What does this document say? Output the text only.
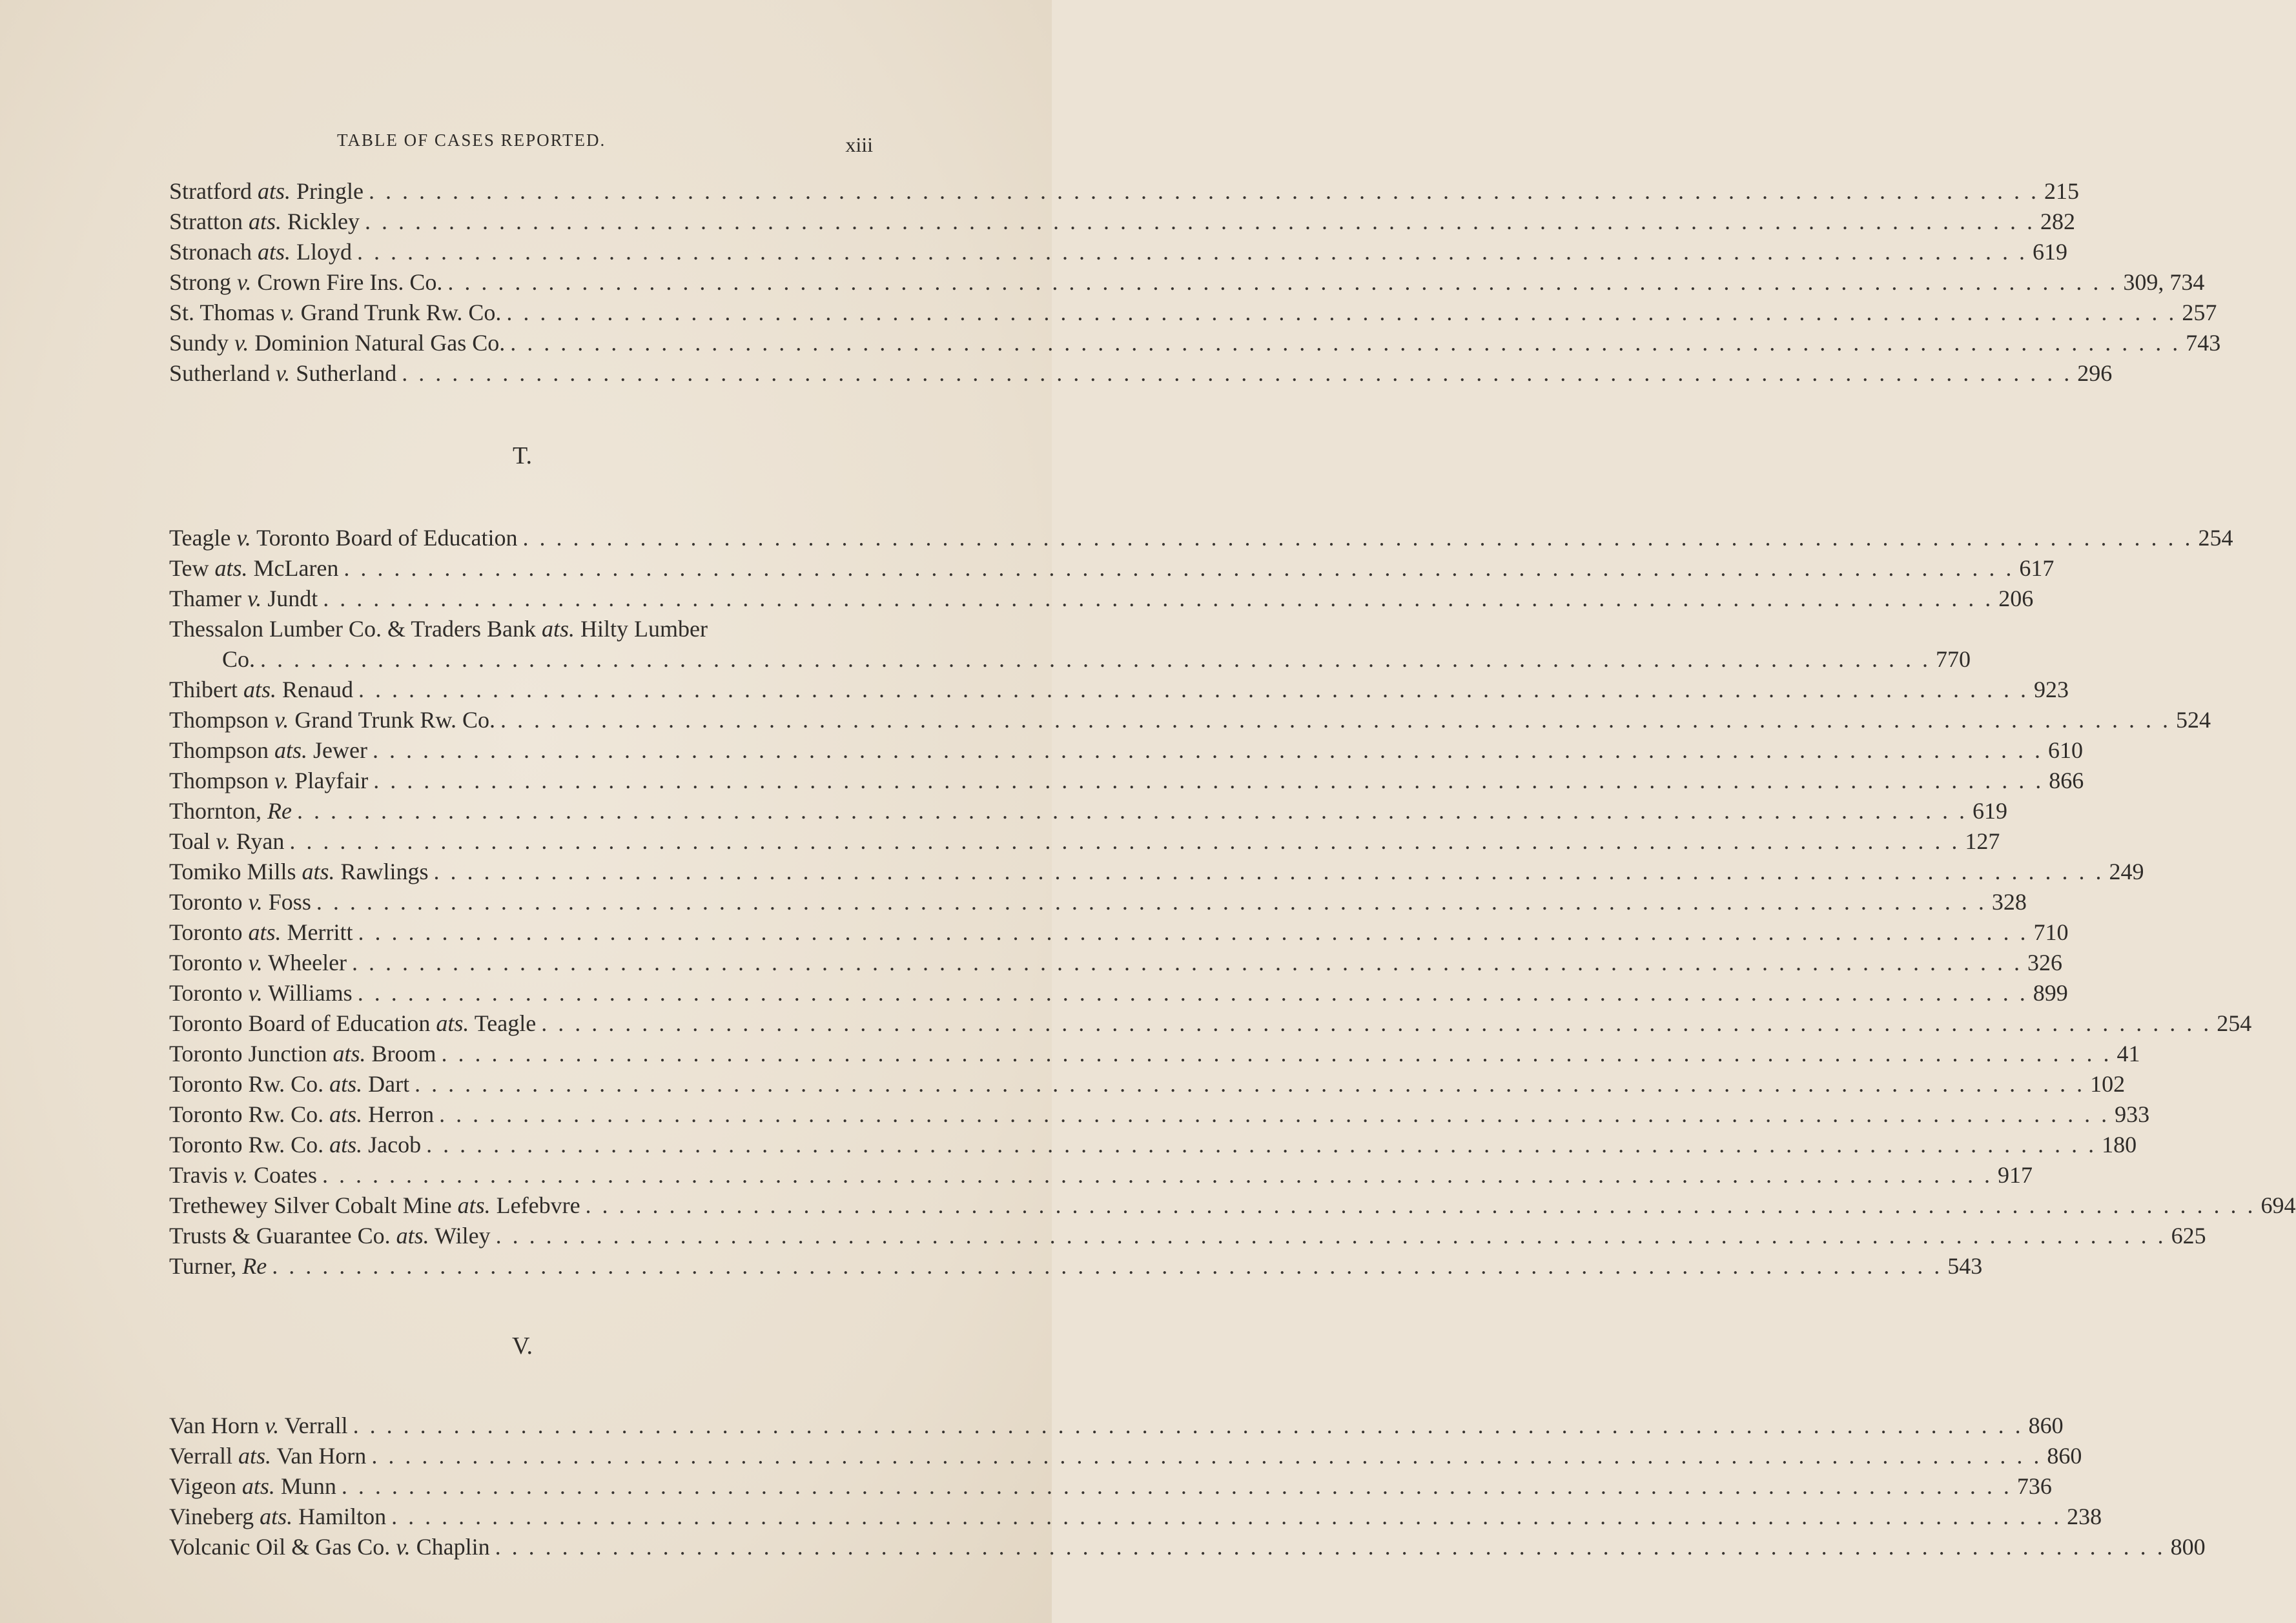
TABLE OF CASES REPORTED.	xiii
Stratford ats. Pringle . . . . . . . . . . . . . . . . . . . . . . . . . . . . . . . . . . . . . . . . . . . . . . . . . . . . . . . . . . . . . . . . . . . . . . . . . . . . . . . . . . . . . . . . . . . . . . . . . . . . 215
Stratton ats. Rickley . . . . . . . . . . . . . . . . . . . . . . . . . . . . . . . . . . . . . . . . . . . . . . . . . . . . . . . . . . . . . . . . . . . . . . . . . . . . . . . . . . . . . . . . . . . . . . . . . . . . 282
Stronach ats. Lloyd . . . . . . . . . . . . . . . . . . . . . . . . . . . . . . . . . . . . . . . . . . . . . . . . . . . . . . . . . . . . . . . . . . . . . . . . . . . . . . . . . . . . . . . . . . . . . . . . . . . . 619
Strong v. Crown Fire Ins. Co. . . . . . . . . . . . . . . . . . . . . . . . . . . . . . . . . . . . . . . . . . . . . . . . . . . . . . . . . . . . . . . . . . . . . . . . . . . . . . . . . . . . . . . . . . . . . . . . . . . . . 309, 734
St. Thomas v. Grand Trunk Rw. Co. . . . . . . . . . . . . . . . . . . . . . . . . . . . . . . . . . . . . . . . . . . . . . . . . . . . . . . . . . . . . . . . . . . . . . . . . . . . . . . . . . . . . . . . . . . . . . . . . . . . . 257
Sundy v. Dominion Natural Gas Co. . . . . . . . . . . . . . . . . . . . . . . . . . . . . . . . . . . . . . . . . . . . . . . . . . . . . . . . . . . . . . . . . . . . . . . . . . . . . . . . . . . . . . . . . . . . . . . . . . . . . 743
Sutherland v. Sutherland . . . . . . . . . . . . . . . . . . . . . . . . . . . . . . . . . . . . . . . . . . . . . . . . . . . . . . . . . . . . . . . . . . . . . . . . . . . . . . . . . . . . . . . . . . . . . . . . . . . . 296
T.
Teagle v. Toronto Board of Education . . . . . . . . . . . . . . . . . . . . . . . . . . . . . . . . . . . . . . . . . . . . . . . . . . . . . . . . . . . . . . . . . . . . . . . . . . . . . . . . . . . . . . . . . . . . . . . . . . . . 254
Tew ats. McLaren . . . . . . . . . . . . . . . . . . . . . . . . . . . . . . . . . . . . . . . . . . . . . . . . . . . . . . . . . . . . . . . . . . . . . . . . . . . . . . . . . . . . . . . . . . . . . . . . . . . . 617
Thamer v. Jundt . . . . . . . . . . . . . . . . . . . . . . . . . . . . . . . . . . . . . . . . . . . . . . . . . . . . . . . . . . . . . . . . . . . . . . . . . . . . . . . . . . . . . . . . . . . . . . . . . . . . 206
Thessalon Lumber Co. & Traders Bank ats. Hilty Lumber
Co. . . . . . . . . . . . . . . . . . . . . . . . . . . . . . . . . . . . . . . . . . . . . . . . . . . . . . . . . . . . . . . . . . . . . . . . . . . . . . . . . . . . . . . . . . . . . . . . . . . . . 770
Thibert ats. Renaud . . . . . . . . . . . . . . . . . . . . . . . . . . . . . . . . . . . . . . . . . . . . . . . . . . . . . . . . . . . . . . . . . . . . . . . . . . . . . . . . . . . . . . . . . . . . . . . . . . . . 923
Thompson v. Grand Trunk Rw. Co. . . . . . . . . . . . . . . . . . . . . . . . . . . . . . . . . . . . . . . . . . . . . . . . . . . . . . . . . . . . . . . . . . . . . . . . . . . . . . . . . . . . . . . . . . . . . . . . . . . . . 524
Thompson ats. Jewer . . . . . . . . . . . . . . . . . . . . . . . . . . . . . . . . . . . . . . . . . . . . . . . . . . . . . . . . . . . . . . . . . . . . . . . . . . . . . . . . . . . . . . . . . . . . . . . . . . . . 610
Thompson v. Playfair . . . . . . . . . . . . . . . . . . . . . . . . . . . . . . . . . . . . . . . . . . . . . . . . . . . . . . . . . . . . . . . . . . . . . . . . . . . . . . . . . . . . . . . . . . . . . . . . . . . . 866
Thornton, Re . . . . . . . . . . . . . . . . . . . . . . . . . . . . . . . . . . . . . . . . . . . . . . . . . . . . . . . . . . . . . . . . . . . . . . . . . . . . . . . . . . . . . . . . . . . . . . . . . . . . 619
Toal v. Ryan . . . . . . . . . . . . . . . . . . . . . . . . . . . . . . . . . . . . . . . . . . . . . . . . . . . . . . . . . . . . . . . . . . . . . . . . . . . . . . . . . . . . . . . . . . . . . . . . . . . . 127
Tomiko Mills ats. Rawlings . . . . . . . . . . . . . . . . . . . . . . . . . . . . . . . . . . . . . . . . . . . . . . . . . . . . . . . . . . . . . . . . . . . . . . . . . . . . . . . . . . . . . . . . . . . . . . . . . . . . 249
Toronto v. Foss . . . . . . . . . . . . . . . . . . . . . . . . . . . . . . . . . . . . . . . . . . . . . . . . . . . . . . . . . . . . . . . . . . . . . . . . . . . . . . . . . . . . . . . . . . . . . . . . . . . . 328
Toronto ats. Merritt . . . . . . . . . . . . . . . . . . . . . . . . . . . . . . . . . . . . . . . . . . . . . . . . . . . . . . . . . . . . . . . . . . . . . . . . . . . . . . . . . . . . . . . . . . . . . . . . . . . . 710
Toronto v. Wheeler . . . . . . . . . . . . . . . . . . . . . . . . . . . . . . . . . . . . . . . . . . . . . . . . . . . . . . . . . . . . . . . . . . . . . . . . . . . . . . . . . . . . . . . . . . . . . . . . . . . . 326
Toronto v. Williams . . . . . . . . . . . . . . . . . . . . . . . . . . . . . . . . . . . . . . . . . . . . . . . . . . . . . . . . . . . . . . . . . . . . . . . . . . . . . . . . . . . . . . . . . . . . . . . . . . . . 899
Toronto Board of Education ats. Teagle . . . . . . . . . . . . . . . . . . . . . . . . . . . . . . . . . . . . . . . . . . . . . . . . . . . . . . . . . . . . . . . . . . . . . . . . . . . . . . . . . . . . . . . . . . . . . . . . . . . . 254
Toronto Junction ats. Broom . . . . . . . . . . . . . . . . . . . . . . . . . . . . . . . . . . . . . . . . . . . . . . . . . . . . . . . . . . . . . . . . . . . . . . . . . . . . . . . . . . . . . . . . . . . . . . . . . . . . 41
Toronto Rw. Co. ats. Dart . . . . . . . . . . . . . . . . . . . . . . . . . . . . . . . . . . . . . . . . . . . . . . . . . . . . . . . . . . . . . . . . . . . . . . . . . . . . . . . . . . . . . . . . . . . . . . . . . . . . 102
Toronto Rw. Co. ats. Herron . . . . . . . . . . . . . . . . . . . . . . . . . . . . . . . . . . . . . . . . . . . . . . . . . . . . . . . . . . . . . . . . . . . . . . . . . . . . . . . . . . . . . . . . . . . . . . . . . . . . 933
Toronto Rw. Co. ats. Jacob . . . . . . . . . . . . . . . . . . . . . . . . . . . . . . . . . . . . . . . . . . . . . . . . . . . . . . . . . . . . . . . . . . . . . . . . . . . . . . . . . . . . . . . . . . . . . . . . . . . . 180
Travis v. Coates . . . . . . . . . . . . . . . . . . . . . . . . . . . . . . . . . . . . . . . . . . . . . . . . . . . . . . . . . . . . . . . . . . . . . . . . . . . . . . . . . . . . . . . . . . . . . . . . . . . . 917
Trethewey Silver Cobalt Mine ats. Lefebvre . . . . . . . . . . . . . . . . . . . . . . . . . . . . . . . . . . . . . . . . . . . . . . . . . . . . . . . . . . . . . . . . . . . . . . . . . . . . . . . . . . . . . . . . . . . . . . . . . . . . 694
Trusts & Guarantee Co. ats. Wiley . . . . . . . . . . . . . . . . . . . . . . . . . . . . . . . . . . . . . . . . . . . . . . . . . . . . . . . . . . . . . . . . . . . . . . . . . . . . . . . . . . . . . . . . . . . . . . . . . . . . 625
Turner, Re . . . . . . . . . . . . . . . . . . . . . . . . . . . . . . . . . . . . . . . . . . . . . . . . . . . . . . . . . . . . . . . . . . . . . . . . . . . . . . . . . . . . . . . . . . . . . . . . . . . . 543
V.
Van Horn v. Verrall . . . . . . . . . . . . . . . . . . . . . . . . . . . . . . . . . . . . . . . . . . . . . . . . . . . . . . . . . . . . . . . . . . . . . . . . . . . . . . . . . . . . . . . . . . . . . . . . . . . . 860
Verrall ats. Van Horn . . . . . . . . . . . . . . . . . . . . . . . . . . . . . . . . . . . . . . . . . . . . . . . . . . . . . . . . . . . . . . . . . . . . . . . . . . . . . . . . . . . . . . . . . . . . . . . . . . . . 860
Vigeon ats. Munn . . . . . . . . . . . . . . . . . . . . . . . . . . . . . . . . . . . . . . . . . . . . . . . . . . . . . . . . . . . . . . . . . . . . . . . . . . . . . . . . . . . . . . . . . . . . . . . . . . . . 736
Vineberg ats. Hamilton . . . . . . . . . . . . . . . . . . . . . . . . . . . . . . . . . . . . . . . . . . . . . . . . . . . . . . . . . . . . . . . . . . . . . . . . . . . . . . . . . . . . . . . . . . . . . . . . . . . . 238
Volcanic Oil & Gas Co. v. Chaplin . . . . . . . . . . . . . . . . . . . . . . . . . . . . . . . . . . . . . . . . . . . . . . . . . . . . . . . . . . . . . . . . . . . . . . . . . . . . . . . . . . . . . . . . . . . . . . . . . . . . 800
